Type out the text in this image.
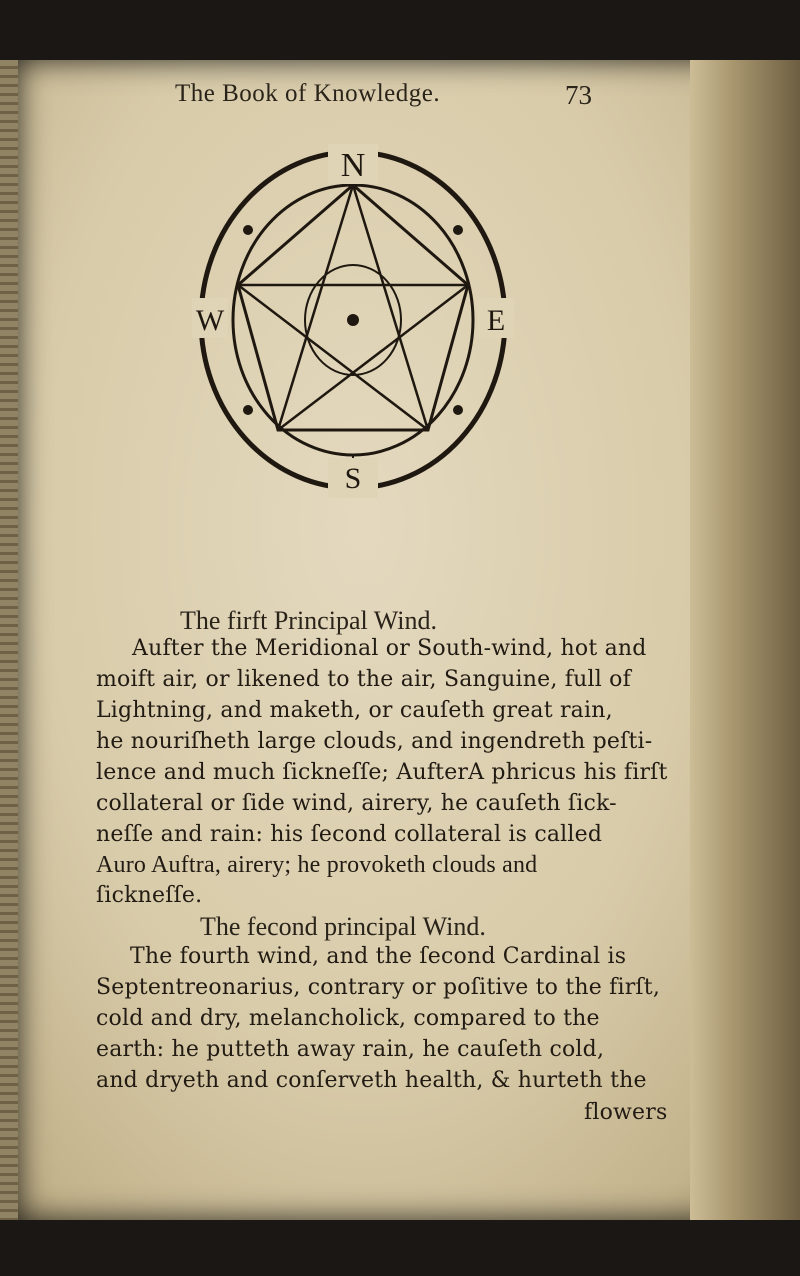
The Book of Knowledge.	73
N
S
E
W
The firft Principal Wind.
Aufter the Meridional or South-wind, hot and
moift air, or likened to the air, Sanguine, full of
Lightning, and maketh, or cauſeth great rain,
he nouriſheth large clouds, and ingendreth peſti-
lence and much ſickneſſe; AufterA phricus his firſt
collateral or ſide wind, airery, he cauſeth ſick-
neſſe and rain: his ſecond collateral is called
Auro Auftra, airery; he provoketh clouds and
ſickneſſe.
The fecond principal Wind.
The fourth wind, and the ſecond Cardinal is
Septentreonarius, contrary or poſitive to the firſt,
cold and dry, melancholick, compared to the
earth: he putteth away rain, he cauſeth cold,
and dryeth and conſerveth health, & hurteth the
flowers
